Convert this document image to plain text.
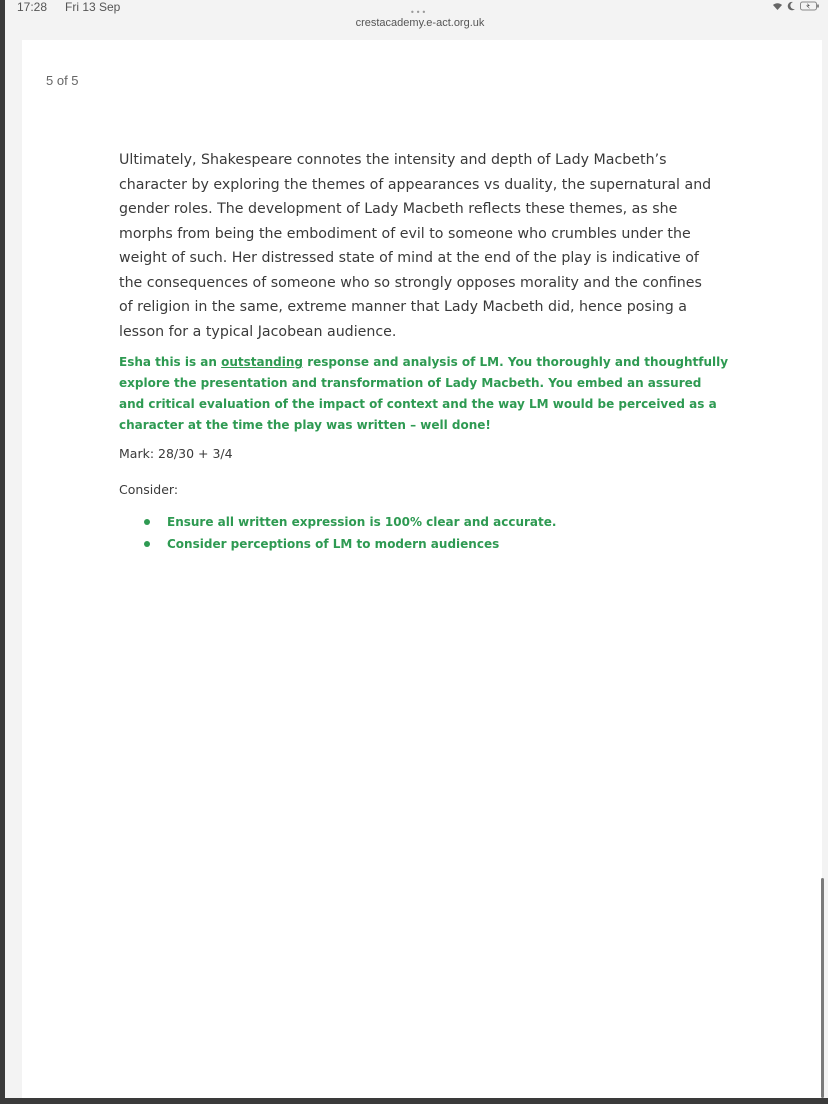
17:28 Fri 13 Sep	•••
crestacademy.e-act.org.uk
5 of 5

Ultimately, Shakespeare connotes the intensity and depth of Lady Macbeth’s character by exploring the themes of appearances vs duality, the supernatural and gender roles. The development of Lady Macbeth reflects these themes, as she morphs from being the embodiment of evil to someone who crumbles under the weight of such. Her distressed state of mind at the end of the play is indicative of the consequences of someone who so strongly opposes morality and the confines of religion in the same, extreme manner that Lady Macbeth did, hence posing a lesson for a typical Jacobean audience.

Esha this is an outstanding response and analysis of LM. You thoroughly and thoughtfully explore the presentation and transformation of Lady Macbeth. You embed an assured and critical evaluation of the impact of context and the way LM would be perceived as a character at the time the play was written – well done!

Mark: 28/30 + 3/4
Consider:
Ensure all written expression is 100% clear and accurate.
Consider perceptions of LM to modern audiences
